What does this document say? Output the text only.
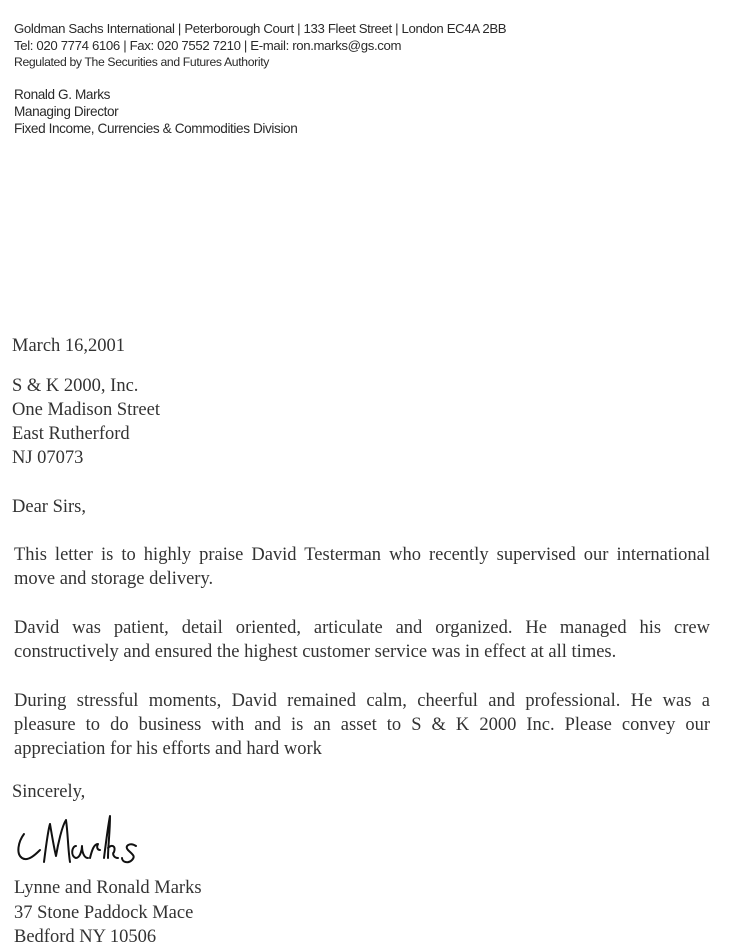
Goldman Sachs International | Peterborough Court | 133 Fleet Street | London EC4A 2BB
Tel: 020 7774 6106 | Fax: 020 7552 7210 | E-mail: ron.marks@gs.com
Regulated by The Securities and Futures Authority
Ronald G. Marks
Managing Director
Fixed Income, Currencies & Commodities Division
March 16,2001
S & K 2000, Inc.
One Madison Street
East Rutherford
NJ 07073
Dear Sirs,
This letter is to highly praise David Testerman who recently supervised our international move and storage delivery.
David was patient, detail oriented, articulate and organized. He managed his crew constructively and ensured the highest customer service was in effect at all times.
During stressful moments, David remained calm, cheerful and professional. He was a pleasure to do business with and is an asset to S & K 2000 Inc. Please convey our appreciation for his efforts and hard work
Sincerely,
Lynne and Ronald Marks
37 Stone Paddock Mace
Bedford NY 10506
